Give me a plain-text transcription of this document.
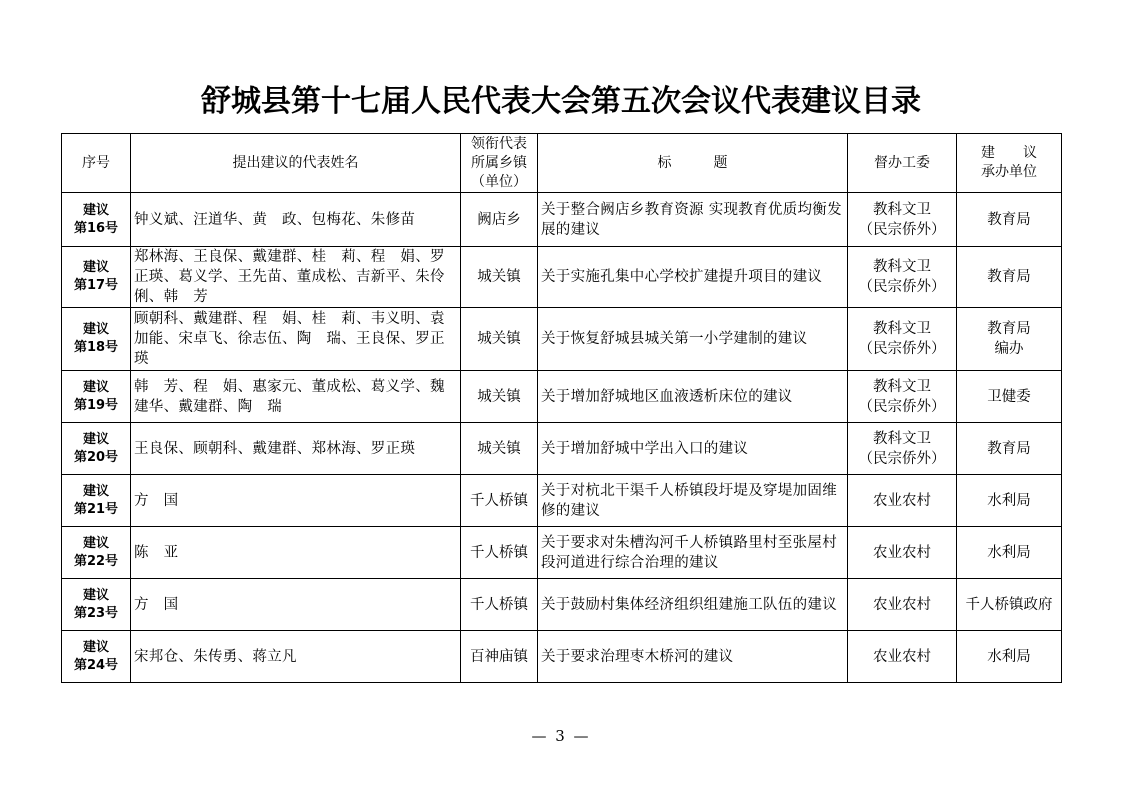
舒城县第十七届人民代表大会第五次会议代表建议目录
序号	提出建议的代表姓名	领衔代表
所属乡镇
（单位）	标　　　题	督办工委	建　　议
承办单位

建议
第16号	钟义斌、汪道华、黄　政、包梅花、朱修苗	阙店乡	关于整合阙店乡教育资源 实现教育优质均衡发展的建议	教科文卫
（民宗侨外）	教育局

建议
第17号	郑林海、王良保、戴建群、桂　莉、程　娟、罗正瑛、葛义学、王先苗、董成松、吉新平、朱伶俐、韩　芳	城关镇	关于实施孔集中心学校扩建提升项目的建议	教科文卫
（民宗侨外）	教育局

建议
第18号	顾朝科、戴建群、程　娟、桂　莉、韦义明、袁加能、宋卓飞、徐志伍、陶　瑞、王良保、罗正瑛	城关镇	关于恢复舒城县城关第一小学建制的建议	教科文卫
（民宗侨外）	教育局
编办

建议
第19号	韩　芳、程　娟、惠家元、董成松、葛义学、魏建华、戴建群、陶　瑞	城关镇	关于增加舒城地区血液透析床位的建议	教科文卫
（民宗侨外）	卫健委

建议
第20号	王良保、顾朝科、戴建群、郑林海、罗正瑛	城关镇	关于增加舒城中学出入口的建议	教科文卫
（民宗侨外）	教育局

建议
第21号	方　国	千人桥镇	关于对杭北干渠千人桥镇段圩堤及穿堤加固维修的建议	农业农村	水利局

建议
第22号	陈　亚	千人桥镇	关于要求对朱槽沟河千人桥镇路里村至张屋村段河道进行综合治理的建议	农业农村	水利局

建议
第23号	方　国	千人桥镇	关于鼓励村集体经济组织组建施工队伍的建议	农业农村	千人桥镇政府

建议
第24号	宋邦仓、朱传勇、蒋立凡	百神庙镇	关于要求治理枣木桥河的建议	农业农村	水利局
— 3 —
